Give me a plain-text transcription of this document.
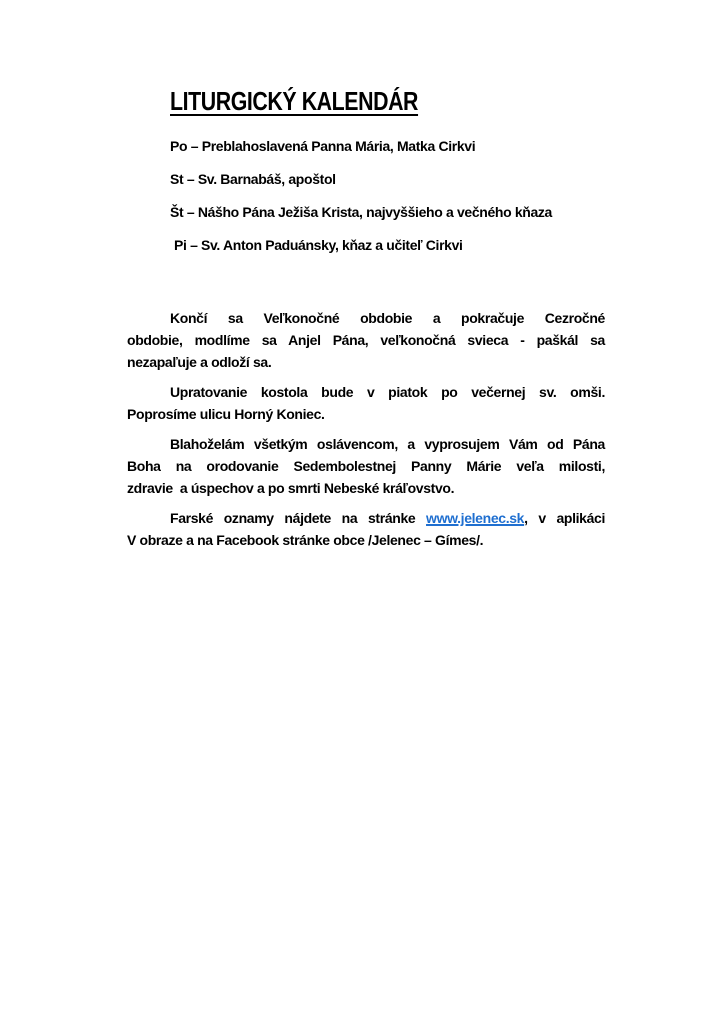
LITURGICKÝ KALENDÁR
Po – Preblahoslavená Panna Mária, Matka Cirkvi
St – Sv. Barnabáš, apoštol
Št – Nášho Pána Ježiša Krista, najvyššieho a večného kňaza
Pi – Sv. Anton Paduánsky, kňaz a učiteľ Cirkvi
Končí sa Veľkonočné obdobie a pokračuje Cezročné
obdobie, modlíme sa Anjel Pána, veľkonočná svieca - paškál sa
nezapaľuje a odloží sa.
Upratovanie kostola bude v piatok po večernej sv. omši.
Poprosíme ulicu Horný Koniec.
Blahoželám všetkým oslávencom, a vyprosujem Vám od Pána
Boha na orodovanie Sedembolestnej Panny Márie veľa milosti,
zdravie  a úspechov a po smrti Nebeské kráľovstvo.
Farské oznamy nájdete na stránke www.jelenec.sk, v aplikáci
V obraze a na Facebook stránke obce /Jelenec – Gímes/.
